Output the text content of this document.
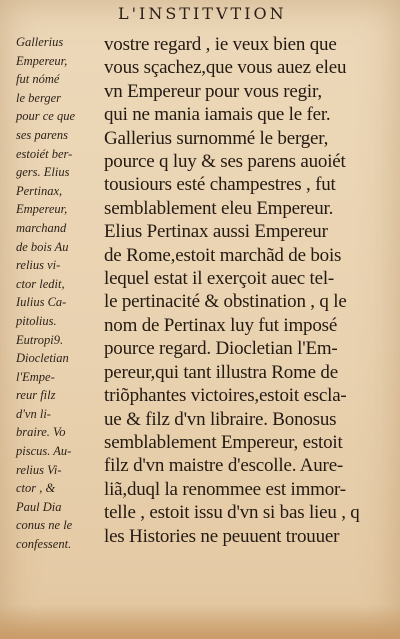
L'INSTITVTION
Gallerius
Empereur,
fut nómé
le berger
pour ce que
ses parens
estoiét ber-
gers. Elius
Pertinax,
Empereur,
marchand
de bois Au
relius vi-
ctor ledit,
Iulius Ca-
pitolius.
Eutropi9.
Diocletian
l'Empe-
reur filz
d'vn li-
braire. Vo
piscus. Au-
relius Vi-
ctor , &
Paul Dia
conus ne le
confessent.
vostre regard , ie veux bien que
vous sçachez,que vous auez eleu
vn Empereur pour vous regir,
qui ne mania iamais que le fer.
Gallerius surnommé le berger,
pource q luy & ses parens auoiét
tousiours esté champestres , fut
semblablement eleu Empereur.
Elius Pertinax aussi Empereur
de Rome,estoit marchãd de bois
lequel estat il exerçoit auec tel-
le pertinacité & obstination , q le
nom de Pertinax luy fut imposé
pource regard. Diocletian l'Em-
pereur,qui tant illustra Rome de
triõphantes victoires,estoit escla-
ue & filz d'vn libraire. Bonosus
semblablement Empereur, estoit
filz d'vn maistre d'escolle. Aure-
liã,duql la renommee est immor-
telle , estoit issu d'vn si bas lieu , q
les Histories ne peuuent trouuer
